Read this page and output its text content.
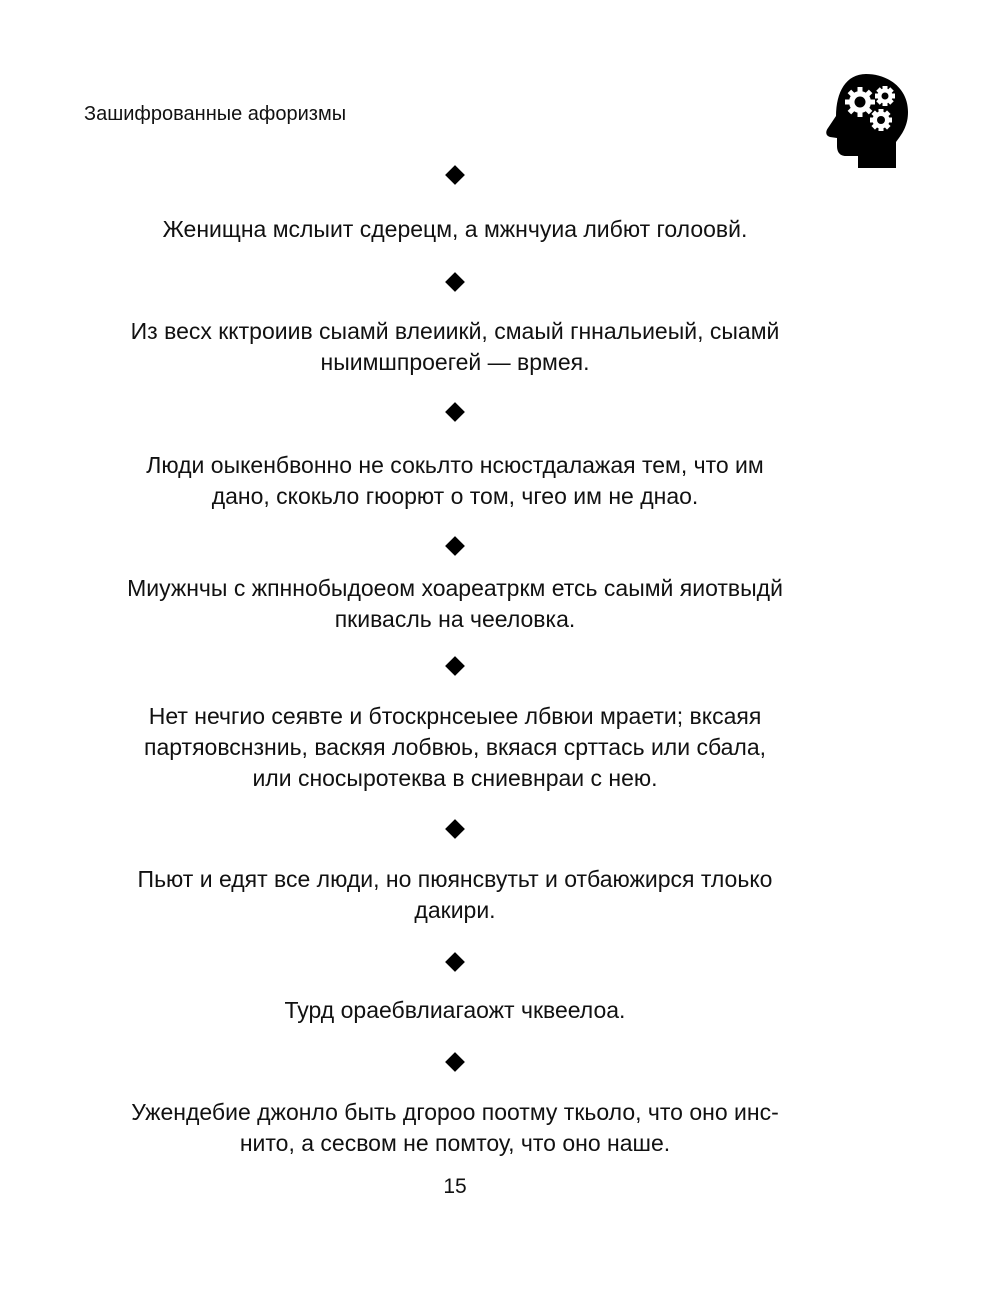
Зашифрованные афоризмы
Женищна мслыит сдерецм, а мжнчуиа либют голоовй.
Из весх кктроиив сыамй влеиикй, смаый гннальиеый, сыамй
ныимшпроегей — врмея.
Люди оыкенбвонно не сокьлто нсюстдалажая тем, что им
дано, скокьло гюорют о том, чгео им не днао.
Миужнчы с жпннобыдоеом хоареатркм етсь саымй яиотвыдй
пкивасль на чееловка.
Нет нечгио сеявте и бтоскрнсеыее лбвюи мраети; вксаяя
партяовснзниь, васкяя лобвюь, вкяася срттась или сбала,
или сносыротеква в сниевнраи с нею.
Пьют и едят все люди, но пюянсвутьт и отбаюжирся тлоько
дакири.
Турд ораебвлиагаожт чквеелоа.
Ужендебие джонло быть дгороо поотму ткьоло, что оно инс-
нито, а сесвом не помтоу, что оно наше.
15
